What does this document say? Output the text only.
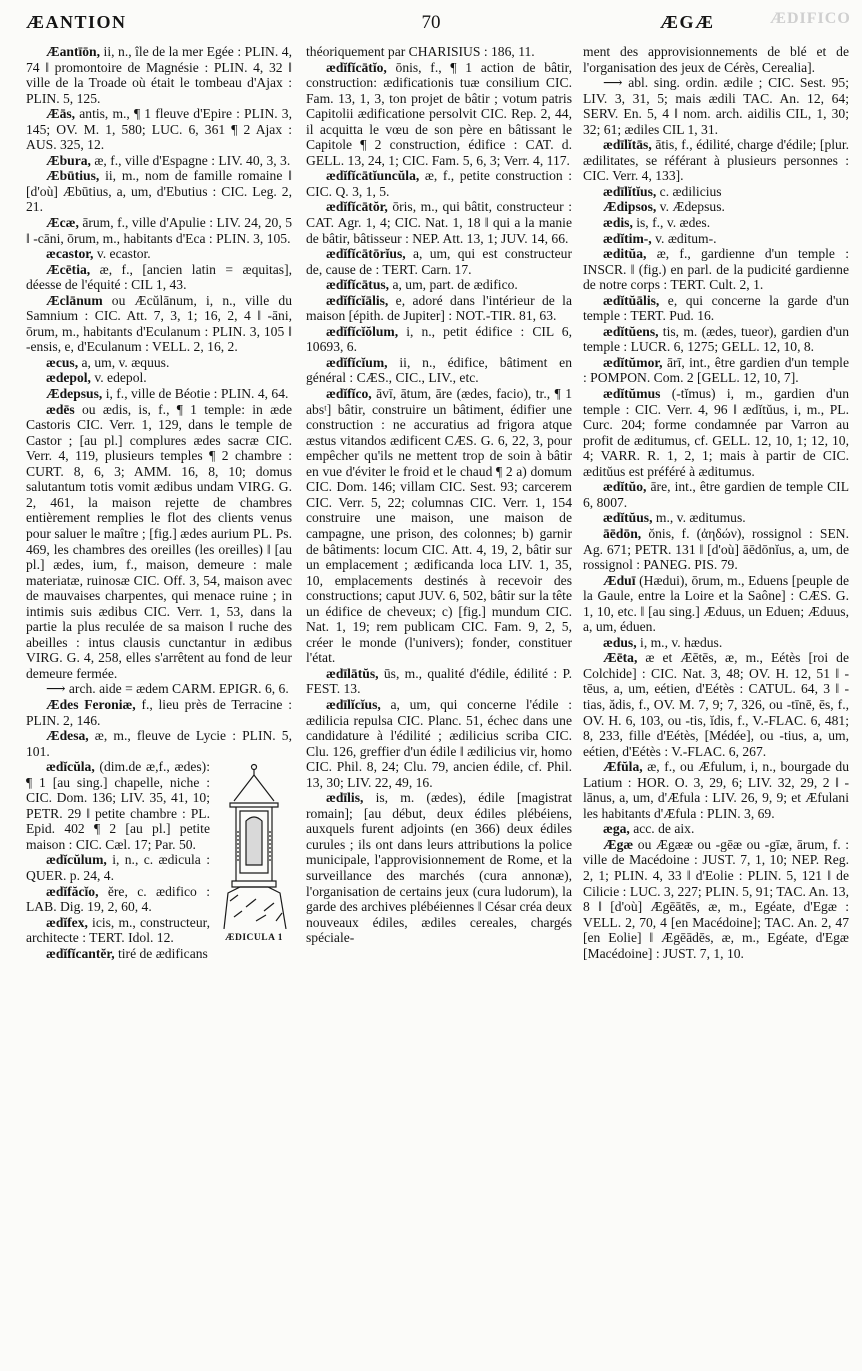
ÆANTION	70	ÆGÆ	ÆDIFICO

Æantīōn, ii, n., île de la mer Egée : PLIN. 4, 74 ‖ promontoire de Magnésie : PLIN. 4, 32 ‖ ville de la Troade où était le tombeau d'Ajax : PLIN. 5, 125.

Æās, antis, m., ¶ 1 fleuve d'Epire : PLIN. 3, 145; OV. M. 1, 580; LUC. 6, 361 ¶ 2 Ajax : AUS. 325, 12.

Æbura, æ, f., ville d'Espagne : LIV. 40, 3, 3.

Æbūtius, ii, m., nom de famille romaine ‖ [d'où] Æbūtius, a, um, d'Ebutius : CIC. Leg. 2, 21.

Æcæ, ārum, f., ville d'Apulie : LIV. 24, 20, 5 ‖ -cāni, ōrum, m., habitants d'Eca : PLIN. 3, 105.

æcastor, v. ecastor.

Æcētia, æ, f., [ancien latin = æquitas], déesse de l'équité : CIL 1, 43.

Æclānum ou Æcŭlānum, i, n., ville du Samnium : CIC. Att. 7, 3, 1; 16, 2, 4 ‖ -āni, ōrum, m., habitants d'Eculanum : PLIN. 3, 105 ‖ -ensis, e, d'Eculanum : VELL. 2, 16, 2.

æcus, a, um, v. æquus.

ædepol, v. edepol.

Ædepsus, i, f., ville de Béotie : PLIN. 4, 64.

ædēs ou ædis, is, f., ¶ 1 temple: in æde Castoris CIC. Verr. 1, 129, dans le temple de Castor ; [au pl.] complures ædes sacræ CIC. Verr. 4, 119, plusieurs temples ¶ 2 chambre : CURT. 8, 6, 3; AMM. 16, 8, 10; domus salutantum totis vomit ædibus undam VIRG. G. 2, 461, la maison rejette de chambres entièrement remplies le flot des clients venus pour saluer le maître ; [fig.] ædes aurium PL. Ps. 469, les chambres des oreilles (les oreilles) ‖ [au pl.] ædes, ium, f., maison, demeure : male materiatæ, ruinosæ CIC. Off. 3, 54, maison avec de mauvaises charpentes, qui menace ruine ; in intimis suis ædibus CIC. Verr. 1, 53, dans la partie la plus reculée de sa maison ‖ ruche des abeilles : intus clausis cunctantur in ædibus VIRG. G. 4, 258, elles s'arrêtent au fond de leur demeure fermée.

⟶ arch. aide = ædem CARM. EPIGR. 6, 6.

Ædes Feroniæ, f., lieu près de Terracine : PLIN. 2, 146.

Ædesa, æ, m., fleuve de Lycie : PLIN. 5, 101.

ÆDICULA 1

ædĭcŭla, (dim.de æ,f., ædes): ¶ 1 [au sing.] chapelle, niche : CIC. Dom. 136; LIV. 35, 41, 10; PETR. 29 ‖ petite chambre : PL. Epid. 402 ¶ 2 [au pl.] petite maison : CIC. Cæl. 17; Par. 50.

ædĭcŭlum, i, n., c. ædicula : QUER. p. 24, 4.

ædĭfăcĭo, ĕre, c. ædifico : LAB. Dig. 19, 2, 60, 4.

ædĭfex, icis, m., constructeur, architecte : TERT. Idol. 12.

ædĭfĭcantĕr, tiré de ædificans

théoriquement par CHARISIUS : 186, 11.

ædĭfĭcātĭo, ōnis, f., ¶ 1 action de bâtir, construction: ædificationis tuæ consilium CIC. Fam. 13, 1, 3, ton projet de bâtir ; votum patris Capitolii ædificatione persolvit CIC. Rep. 2, 44, il acquitta le vœu de son père en bâtissant le Capitole ¶ 2 construction, édifice : CAT. d. GELL. 13, 24, 1; CIC. Fam. 5, 6, 3; Verr. 4, 117.

ædĭfĭcātĭuncŭla, æ, f., petite construction : CIC. Q. 3, 1, 5.

ædĭfĭcātŏr, ōris, m., qui bâtit, constructeur : CAT. Agr. 1, 4; CIC. Nat. 1, 18 ‖ qui a la manie de bâtir, bâtisseur : NEP. Att. 13, 1; JUV. 14, 66.

ædĭfĭcātōrĭus, a, um, qui est constructeur de, cause de : TERT. Carn. 17.

ædĭfĭcātus, a, um, part. de ædifico.

ædĭfĭcĭālis, e, adoré dans l'intérieur de la maison [épith. de Jupiter] : NOT.-TIR. 81, 63.

ædĭfĭcĭŏlum, i, n., petit édifice : CIL 6, 10693, 6.

ædĭfĭcĭum, ii, n., édifice, bâtiment en général : CÆS., CIC., LIV., etc.

ædĭfĭco, āvī, ātum, āre (ædes, facio), tr., ¶ 1 absᵗ] bâtir, construire un bâtiment, édifier une construction : ne accuratius ad frigora atque æstus vitandos ædificent CÆS. G. 6, 22, 3, pour empêcher qu'ils ne mettent trop de soin à bâtir en vue d'éviter le froid et le chaud ¶ 2 a) domum CIC. Dom. 146; villam CIC. Sest. 93; carcerem CIC. Verr. 5, 22; columnas CIC. Verr. 1, 154 construire une maison, une maison de campagne, une prison, des colonnes; b) garnir de bâtiments: locum CIC. Att. 4, 19, 2, bâtir sur un emplacement ; ædificanda loca LIV. 1, 35, 10, emplacements destinés à recevoir des constructions; caput JUV. 6, 502, bâtir sur la tête un édifice de cheveux; c) [fig.] mundum CIC. Nat. 1, 19; rem publicam CIC. Fam. 9, 2, 5, créer le monde (l'univers); fonder, constituer l'état.

ædīlātŭs, ūs, m., qualité d'édile, édilité : P. FEST. 13.

ædīlĭcĭus, a, um, qui concerne l'édile : ædilicia repulsa CIC. Planc. 51, échec dans une candidature à l'édilité ; ædilicius scriba CIC. Clu. 126, greffier d'un édile ‖ ædilicius vir, homo CIC. Phil. 8, 24; Clu. 79, ancien édile, cf. Phil. 13, 30; LIV. 22, 49, 16.

ædīlis, is, m. (ædes), édile [magistrat romain]; [au début, deux édiles plébéiens, auxquels furent adjoints (en 366) deux édiles curules ; ils ont dans leurs attributions la police municipale, l'approvisionnement de Rome, et la surveillance des marchés (cura annonæ), l'organisation de certains jeux (cura ludorum), la garde des archives plébéiennes ‖ César créa deux nouveaux édiles, ædiles cereales, chargés spéciale-

ment des approvisionnements de blé et de l'organisation des jeux de Cérès, Cerealia].

⟶ abl. sing. ordin. ædile ; CIC. Sest. 95; LIV. 3, 31, 5; mais ædili TAC. An. 12, 64; SERV. En. 5, 4 ‖ nom. arch. aidilis CIL, 1, 30; 32; 61; ædiles CIL 1, 31.

ædīlĭtās, ātis, f., édilité, charge d'édile; [plur. ædilitates, se référant à plusieurs personnes : CIC. Verr. 4, 133].

ædīlĭtĭus, c. ædilicius

Ædipsos, v. Ædepsus.

ædis, is, f., v. ædes.

ædĭtim-, v. æditum-.

æditŭa, æ, f., gardienne d'un temple : INSCR. ‖ (fig.) en parl. de la pudicité gardienne de notre corps : TERT. Cult. 2, 1.

ædĭtŭālis, e, qui concerne la garde d'un temple : TERT. Pud. 16.

ædĭtŭens, tis, m. (ædes, tueor), gardien d'un temple : LUCR. 6, 1275; GELL. 12, 10, 8.

ædĭtŭmor, ārī, int., être gardien d'un temple : POMPON. Com. 2 [GELL. 12, 10, 7].

ædĭtŭmus (-tĭmus) i, m., gardien d'un temple : CIC. Verr. 4, 96 ‖ ædĭtŭus, i, m., PL. Curc. 204; forme condamnée par Varron au profit de æditumus, cf. GELL. 12, 10, 1; 12, 10, 4; VARR. R. 1, 2, 1; mais à partir de CIC. æditŭus est préféré à æditumus.

ædĭtŭo, āre, int., être gardien de temple CIL 6, 8007.

ædĭtŭus, m., v. æditumus.

āēdōn, ŏnis, f. (ἀηδών), rossignol : SEN. Ag. 671; PETR. 131 ‖ [d'où] āēdōnĭus, a, um, de rossignol : PANEG. PIS. 79.

Æduī (Hædui), ōrum, m., Eduens [peuple de la Gaule, entre la Loire et la Saône] : CÆS. G. 1, 10, etc. ‖ [au sing.] Æduus, un Eduen; Æduus, a, um, éduen.

ædus, i, m., v. hædus.

Æēta, æ et Æētēs, æ, m., Eétès [roi de Colchide] : CIC. Nat. 3, 48; OV. H. 12, 51 ‖ -tēus, a, um, eétien, d'Eétès : CATUL. 64, 3 ‖ -tias, ădis, f., OV. M. 7, 9; 7, 326, ou -tīnē, ēs, f., OV. H. 6, 103, ou -tis, ĭdis, f., V.-FLAC. 6, 481; 8, 233, fille d'Eétès, [Médée], ou -tius, a, um, eétien, d'Eétès : V.-FLAC. 6, 267.

Æfŭla, æ, f., ou Æfulum, i, n., bourgade du Latium : HOR. O. 3, 29, 6; LIV. 32, 29, 2 ‖ -lānus, a, um, d'Æfula : LIV. 26, 9, 9; et Æfulani les habitants d'Æfula : PLIN. 3, 69.

æga, acc. de aix.

Ægæ ou Ægææ ou -gēæ ou -gīæ, ārum, f. : ville de Macédoine : JUST. 7, 1, 10; NEP. Reg. 2, 1; PLIN. 4, 33 ‖ d'Eolie : PLIN. 5, 121 ‖ de Cilicie : LUC. 3, 227; PLIN. 5, 91; TAC. An. 13, 8 ‖ [d'où] Ægēātēs, æ, m., Egéate, d'Egæ : VELL. 2, 70, 4 [en Macédoine]; TAC. An. 2, 47 [en Eolie] ‖ Ægēādēs, æ, m., Egéate, d'Egæ [Macédoine] : JUST. 7, 1, 10.
